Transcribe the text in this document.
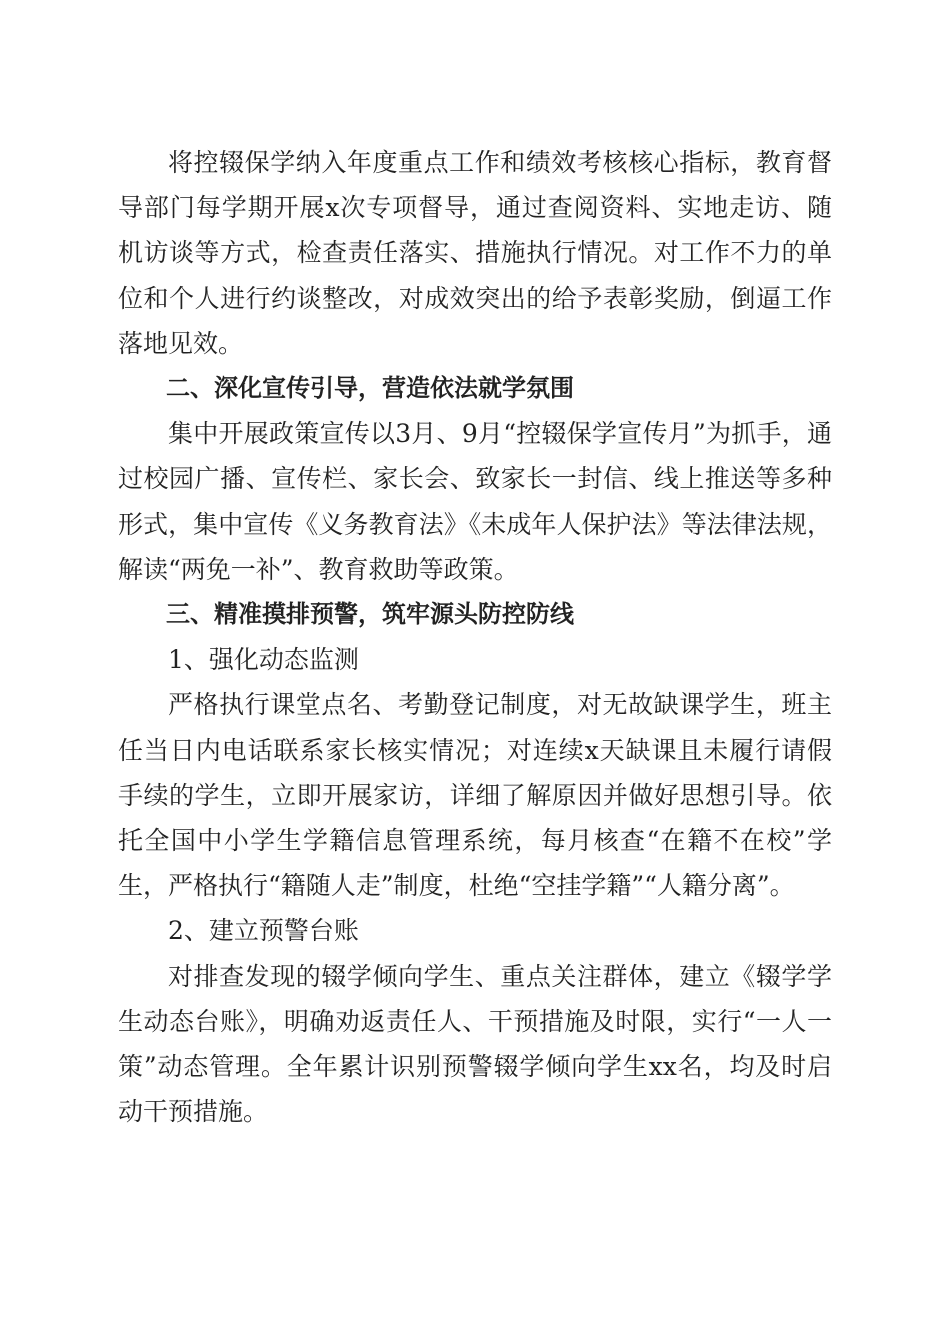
将控辍保学纳入年度重点工作和绩效考核核心指标，教育督导部门每学期开展x次专项督导，通过查阅资料、实地走访、随机访谈等方式，检查责任落实、措施执行情况。对工作不力的单位和个人进行约谈整改，对成效突出的给予表彰奖励，倒逼工作落地见效。

二、深化宣传引导，营造依法就学氛围

集中开展政策宣传以3月、9月“控辍保学宣传月”为抓手，通过校园广播、宣传栏、家长会、致家长一封信、线上推送等多种形式，集中宣传《义务教育法》《未成年人保护法》等法律法规，解读“两免一补”、教育救助等政策。

三、精准摸排预警，筑牢源头防控防线

1、强化动态监测

严格执行课堂点名、考勤登记制度，对无故缺课学生，班主任当日内电话联系家长核实情况；对连续x天缺课且未履行请假手续的学生，立即开展家访，详细了解原因并做好思想引导。依托全国中小学生学籍信息管理系统，每月核查“在籍不在校”学生，严格执行“籍随人走”制度，杜绝“空挂学籍”“人籍分离”。

2、建立预警台账

对排查发现的辍学倾向学生、重点关注群体，建立《辍学学生动态台账》，明确劝返责任人、干预措施及时限，实行“一人一策”动态管理。全年累计识别预警辍学倾向学生xx名，均及时启动干预措施。
